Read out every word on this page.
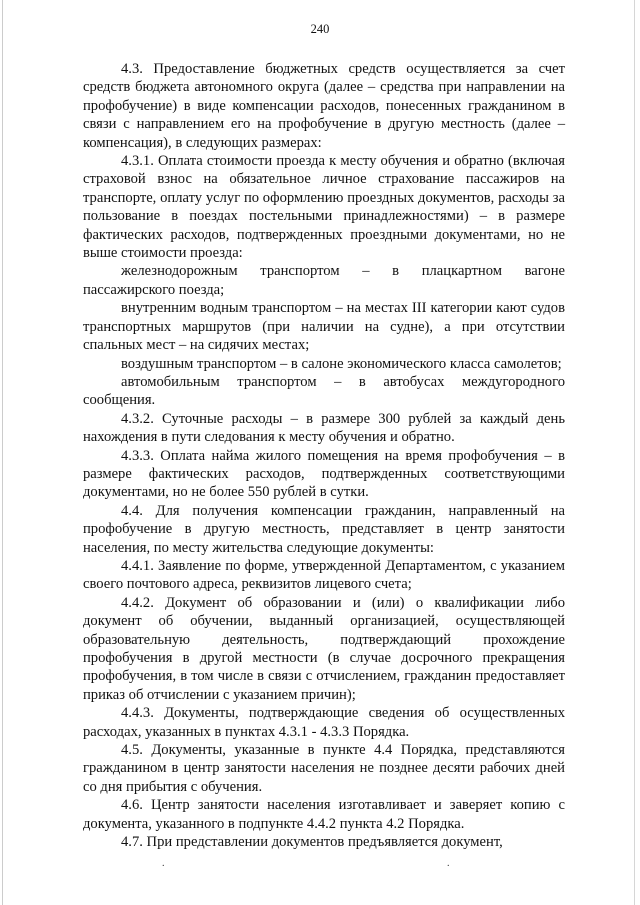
240

4.3. Предоставление бюджетных средств осуществляется за счет средств бюджета автономного округа (далее – средства при направлении на профобучение) в виде компенсации расходов, понесенных гражданином в связи с направлением его на профобучение в другую местность (далее – компенсация), в следующих размерах:

4.3.1. Оплата стоимости проезда к месту обучения и обратно (включая страховой взнос на обязательное личное страхование пассажиров на транспорте, оплату услуг по оформлению проездных документов, расходы за пользование в поездах постельными принадлежностями) – в размере фактических расходов, подтвержденных проездными документами, но не выше стоимости проезда:

железнодорожным транспортом – в плацкартном вагоне пассажирского поезда;

внутренним водным транспортом – на местах III категории кают судов транспортных маршрутов (при наличии на судне), а при отсутствии спальных мест – на сидячих местах;

воздушным транспортом – в салоне экономического класса самолетов;

автомобильным транспортом – в автобусах междугородного сообщения.

4.3.2. Суточные расходы – в размере 300 рублей за каждый день нахождения в пути следования к месту обучения и обратно.

4.3.3. Оплата найма жилого помещения на время профобучения – в размере фактических расходов, подтвержденных соответствующими документами, но не более 550 рублей в сутки.

4.4. Для получения компенсации гражданин, направленный на профобучение в другую местность, представляет в центр занятости населения, по месту жительства следующие документы:

4.4.1. Заявление по форме, утвержденной Департаментом, с указанием своего почтового адреса, реквизитов лицевого счета;

4.4.2. Документ об образовании и (или) о квалификации либо документ об обучении, выданный организацией, осуществляющей образовательную деятельность, подтверждающий прохождение профобучения в другой местности (в случае досрочного прекращения профобучения, в том числе в связи с отчислением, гражданин предоставляет приказ об отчислении с указанием причин);

4.4.3. Документы, подтверждающие сведения об осуществленных расходах, указанных в пунктах 4.3.1 - 4.3.3 Порядка.

4.5. Документы, указанные в пункте 4.4 Порядка, представляются гражданином в центр занятости населения не позднее десяти рабочих дней со дня прибытия с обучения.

4.6. Центр занятости населения изготавливает и заверяет копию с документа, указанного в подпункте 4.4.2 пункта 4.2 Порядка.

4.7. При представлении документов предъявляется документ,

.	.
